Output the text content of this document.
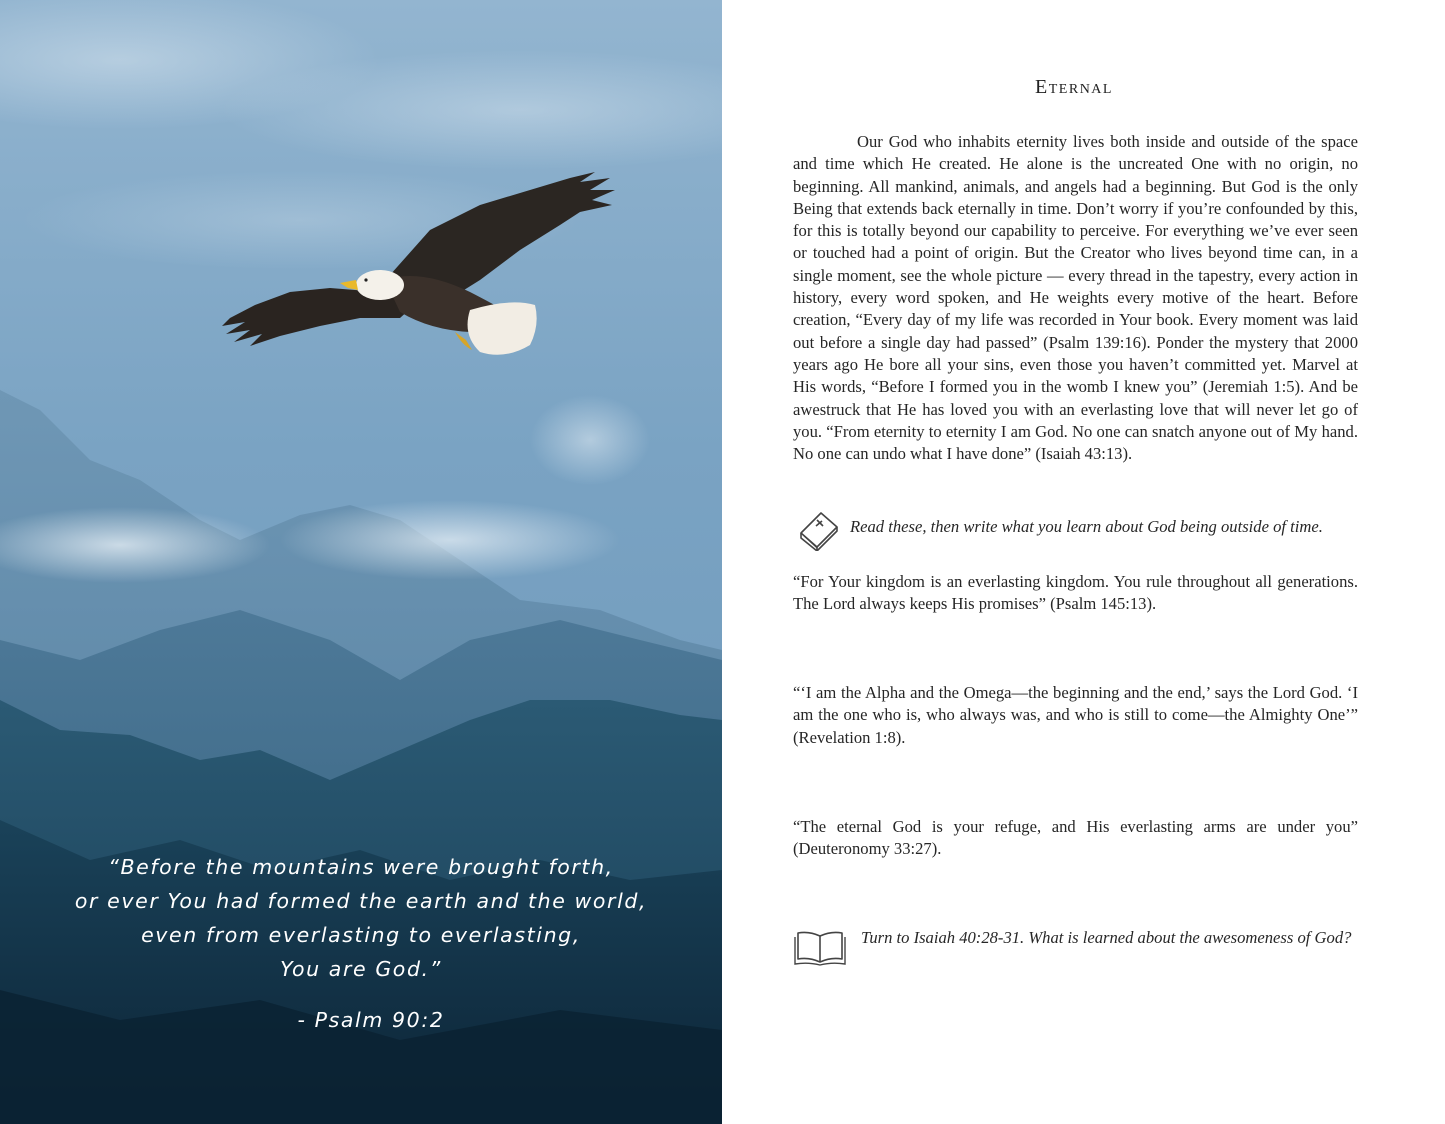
“Before the mountains were brought forth,
or ever You had formed the earth and the world,
even from everlasting to everlasting,
You are God.”
- Psalm 90:2
Eternal
Our God who inhabits eternity lives both inside and outside of the space and time which He created. He alone is the uncreated One with no origin, no beginning. All mankind, animals, and angels had a beginning. But God is the only Being that extends back eternally in time. Don’t worry if you’re confounded by this, for this is totally beyond our capability to perceive. For everything we’ve ever seen or touched had a point of origin. But the Creator who lives beyond time can, in a single moment, see the whole picture — every thread in the tapestry, every action in history, every word spoken, and He weights every motive of the heart. Before creation, “Every day of my life was recorded in Your book. Every moment was laid out before a single day had passed” (Psalm 139:16). Ponder the mystery that 2000 years ago He bore all your sins, even those you haven’t committed yet. Marvel at His words, “Before I formed you in the womb I knew you” (Jeremiah 1:5). And be awestruck that He has loved you with an everlasting love that will never let go of you. “From eternity to eternity I am God. No one can snatch anyone out of My hand. No one can undo what I have done” (Isaiah 43:13).
Read these, then write what you learn about God being outside of time.
“For Your kingdom is an everlasting kingdom. You rule throughout all generations. The Lord always keeps His promises” (Psalm 145:13).
“‘I am the Alpha and the Omega—the beginning and the end,’ says the Lord God. ‘I am the one who is, who always was, and who is still to come—the Almighty One’” (Revelation 1:8).
“The eternal God is your refuge, and His everlasting arms are under you” (Deuteronomy 33:27).
Turn to Isaiah 40:28-31. What is learned about the awesomeness of God?
